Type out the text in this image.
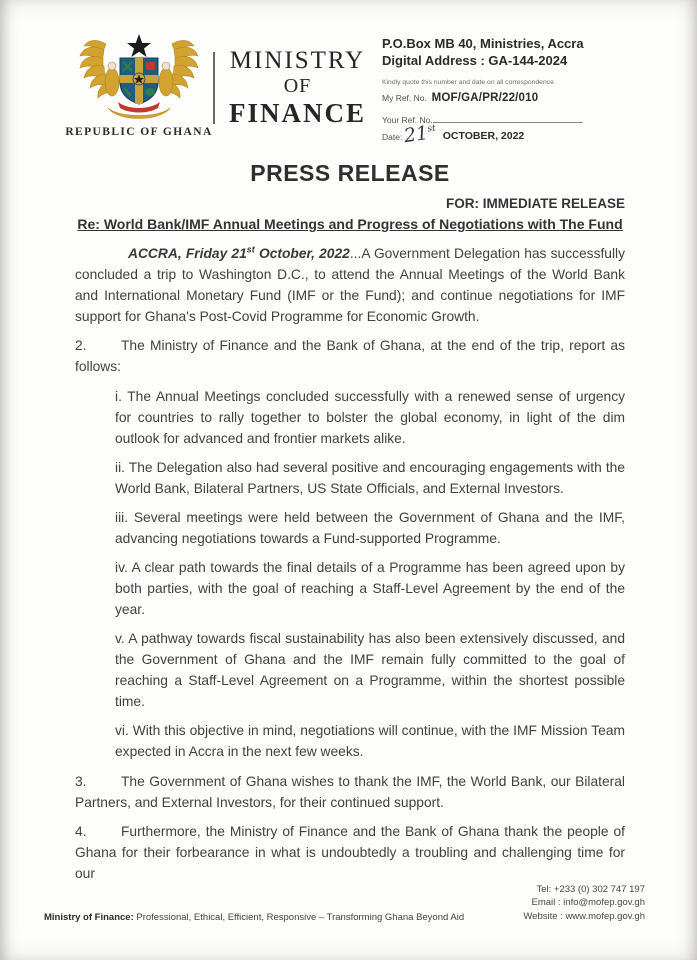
REPUBLIC OF GHANA
MINISTRY
OF
FINANCE
P.O.Box MB 40, Ministries, Accra
Digital Address : GA-144-2024
Kindly quote this number and date on all correspondence
My Ref. No. MOF/GA/PR/22/010
Your Ref. No.
Date: 21st
OCTOBER, 2022
PRESS RELEASE
FOR: IMMEDIATE RELEASE
Re: World Bank/IMF Annual Meetings and Progress of Negotiations with The Fund

ACCRA, Friday 21st October, 2022...A Government Delegation has successfully concluded a trip to Washington D.C., to attend the Annual Meetings of the World Bank and International Monetary Fund (IMF or the Fund); and continue negotiations for IMF support for Ghana's Post-Covid Programme for Economic Growth.

2. The Ministry of Finance and the Bank of Ghana, at the end of the trip, report as follows:

i. The Annual Meetings concluded successfully with a renewed sense of urgency for countries to rally together to bolster the global economy, in light of the dim outlook for advanced and frontier markets alike.

ii. The Delegation also had several positive and encouraging engagements with the World Bank, Bilateral Partners, US State Officials, and External Investors.

iii. Several meetings were held between the Government of Ghana and the IMF, advancing negotiations towards a Fund-supported Programme.

iv. A clear path towards the final details of a Programme has been agreed upon by both parties, with the goal of reaching a Staff-Level Agreement by the end of the year.

v. A pathway towards fiscal sustainability has also been extensively discussed, and the Government of Ghana and the IMF remain fully committed to the goal of reaching a Staff-Level Agreement on a Programme, within the shortest possible time.

vi. With this objective in mind, negotiations will continue, with the IMF Mission Team expected in Accra in the next few weeks.

3. The Government of Ghana wishes to thank the IMF, the World Bank, our Bilateral Partners, and External Investors, for their continued support.

4. Furthermore, the Ministry of Finance and the Bank of Ghana thank the people of Ghana for their forbearance in what is undoubtedly a troubling and challenging time for our

Ministry of Finance: Professional, Ethical, Efficient, Responsive – Transforming Ghana Beyond Aid
Tel: +233 (0) 302 747 197
Email : info@mofep.gov.gh
Website : www.mofep.gov.gh
